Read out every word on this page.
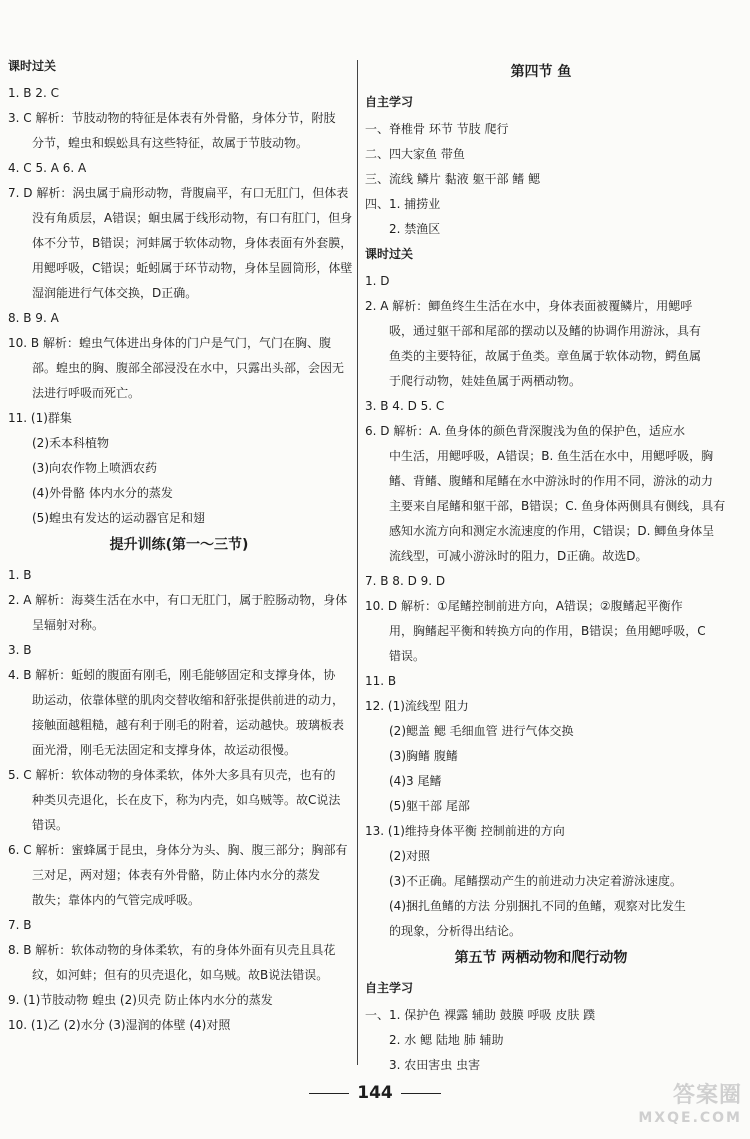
课时过关
1. B 2. C
3. C 解析：节肢动物的特征是体表有外骨骼，身体分节，附肢
分节，蝗虫和蜈蚣具有这些特征，故属于节肢动物。
4. C 5. A 6. A
7. D 解析：涡虫属于扁形动物，背腹扁平，有口无肛门，但体表
没有角质层，A错误；蛔虫属于线形动物，有口有肛门，但身
体不分节，B错误；河蚌属于软体动物，身体表面有外套膜，
用鳃呼吸，C错误；蚯蚓属于环节动物，身体呈圆筒形，体壁
湿润能进行气体交换，D正确。
8. B 9. A
10. B 解析：蝗虫气体进出身体的门户是气门，气门在胸、腹
部。蝗虫的胸、腹部全部浸没在水中，只露出头部，会因无
法进行呼吸而死亡。
11. (1)群集
(2)禾本科植物
(3)向农作物上喷洒农药
(4)外骨骼 体内水分的蒸发
(5)蝗虫有发达的运动器官足和翅
提升训练(第一～三节)
1. B
2. A 解析：海葵生活在水中，有口无肛门，属于腔肠动物，身体
呈辐射对称。
3. B
4. B 解析：蚯蚓的腹面有刚毛，刚毛能够固定和支撑身体，协
助运动，依靠体壁的肌肉交替收缩和舒张提供前进的动力，
接触面越粗糙，越有利于刚毛的附着，运动越快。玻璃板表
面光滑，刚毛无法固定和支撑身体，故运动很慢。
5. C 解析：软体动物的身体柔软，体外大多具有贝壳，也有的
种类贝壳退化，长在皮下，称为内壳，如乌贼等。故C说法
错误。
6. C 解析：蜜蜂属于昆虫，身体分为头、胸、腹三部分；胸部有
三对足，两对翅；体表有外骨骼，防止体内水分的蒸发
散失；靠体内的气管完成呼吸。
7. B
8. B 解析：软体动物的身体柔软，有的身体外面有贝壳且具花
纹，如河蚌；但有的贝壳退化，如乌贼。故B说法错误。
9. (1)节肢动物 蝗虫 (2)贝壳 防止体内水分的蒸发
10. (1)乙 (2)水分 (3)湿润的体壁 (4)对照
第四节 鱼
自主学习
一、脊椎骨 环节 节肢 爬行
二、四大家鱼 带鱼
三、流线 鳞片 黏液 躯干部 鳍 鳃
四、1. 捕捞业
2. 禁渔区
课时过关
1. D
2. A 解析：鲫鱼终生生活在水中，身体表面被覆鳞片，用鳃呼
吸，通过躯干部和尾部的摆动以及鳍的协调作用游泳，具有
鱼类的主要特征，故属于鱼类。章鱼属于软体动物，鳄鱼属
于爬行动物，娃娃鱼属于两栖动物。
3. B 4. D 5. C
6. D 解析：A. 鱼身体的颜色背深腹浅为鱼的保护色，适应水
中生活，用鳃呼吸，A错误；B. 鱼生活在水中，用鳃呼吸，胸
鳍、背鳍、腹鳍和尾鳍在水中游泳时的作用不同，游泳的动力
主要来自尾鳍和躯干部，B错误；C. 鱼身体两侧具有侧线，具有
感知水流方向和测定水流速度的作用，C错误；D. 鲫鱼身体呈
流线型，可减小游泳时的阻力，D正确。故选D。
7. B 8. D 9. D
10. D 解析：①尾鳍控制前进方向，A错误；②腹鳍起平衡作
用，胸鳍起平衡和转换方向的作用，B错误；鱼用鳃呼吸，C
错误。
11. B
12. (1)流线型 阻力
(2)鳃盖 鳃 毛细血管 进行气体交换
(3)胸鳍 腹鳍
(4)3 尾鳍
(5)躯干部 尾部
13. (1)维持身体平衡 控制前进的方向
(2)对照
(3)不正确。尾鳍摆动产生的前进动力决定着游泳速度。
(4)捆扎鱼鳍的方法 分别捆扎不同的鱼鳍，观察对比发生
的现象，分析得出结论。
第五节 两栖动物和爬行动物
自主学习
一、1. 保护色 裸露 辅助 鼓膜 呼吸 皮肤 蹼
2. 水 鳃 陆地 肺 辅助
3. 农田害虫 虫害
144	答案圈
MXQE.COM
